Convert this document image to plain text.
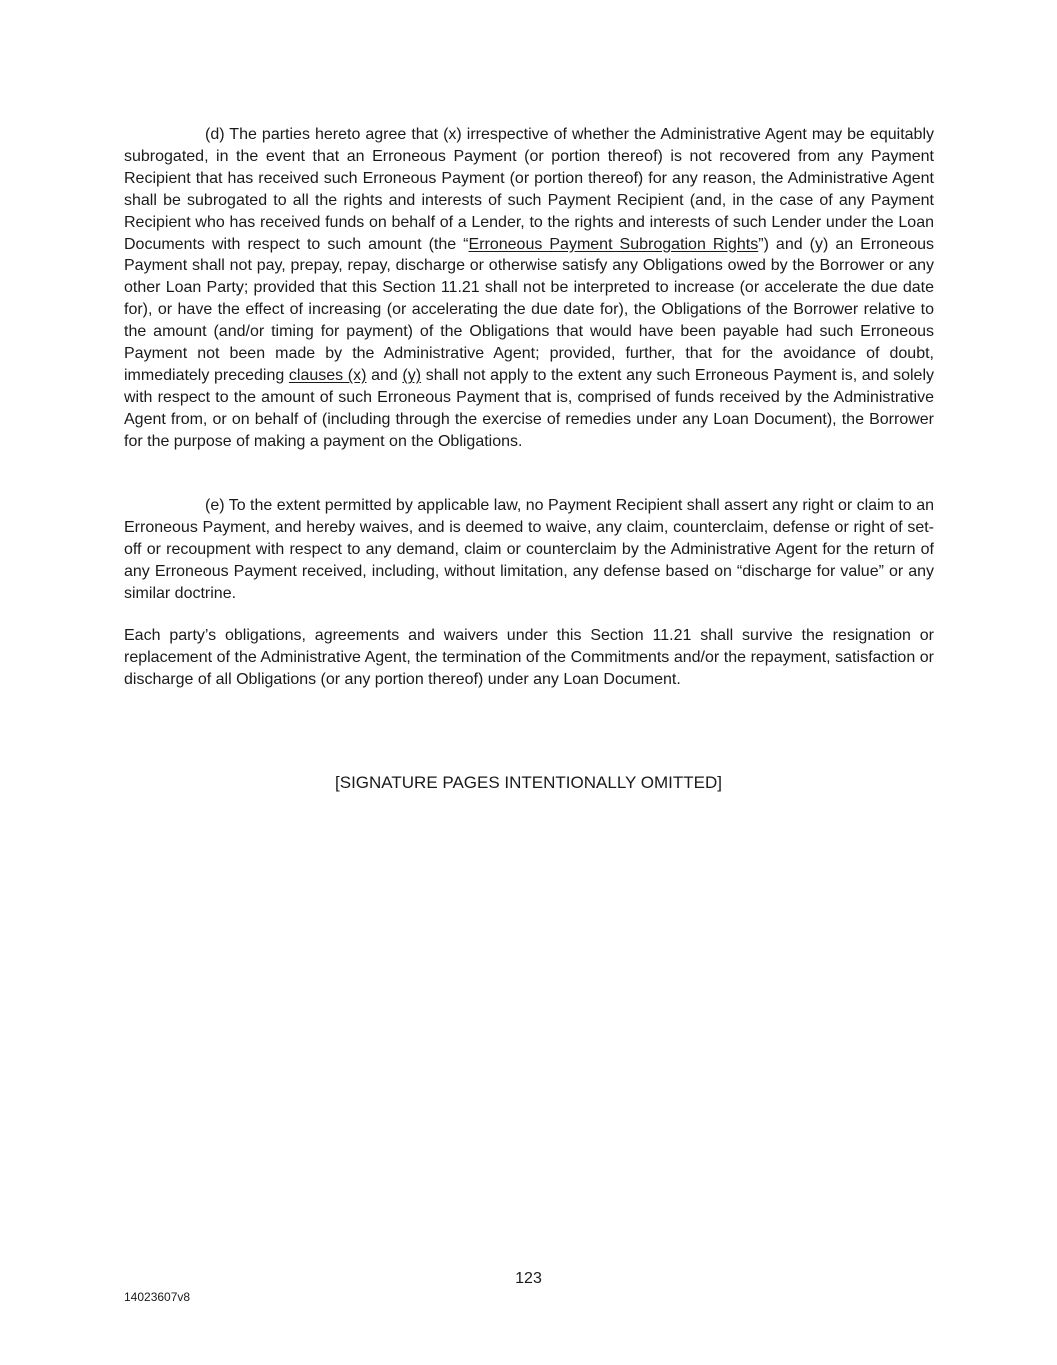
(d) The parties hereto agree that (x) irrespective of whether the Administrative Agent may be equitably subrogated, in the event that an Erroneous Payment (or portion thereof) is not recovered from any Payment Recipient that has received such Erroneous Payment (or portion thereof) for any reason, the Administrative Agent shall be subrogated to all the rights and interests of such Payment Recipient (and, in the case of any Payment Recipient who has received funds on behalf of a Lender, to the rights and interests of such Lender under the Loan Documents with respect to such amount (the “Erroneous Payment Subrogation Rights”) and (y) an Erroneous Payment shall not pay, prepay, repay, discharge or otherwise satisfy any Obligations owed by the Borrower or any other Loan Party; provided that this Section 11.21 shall not be interpreted to increase (or accelerate the due date for), or have the effect of increasing (or accelerating the due date for), the Obligations of the Borrower relative to the amount (and/or timing for payment) of the Obligations that would have been payable had such Erroneous Payment not been made by the Administrative Agent; provided, further, that for the avoidance of doubt, immediately preceding clauses (x) and (y) shall not apply to the extent any such Erroneous Payment is, and solely with respect to the amount of such Erroneous Payment that is, comprised of funds received by the Administrative Agent from, or on behalf of (including through the exercise of remedies under any Loan Document), the Borrower for the purpose of making a payment on the Obligations.

(e) To the extent permitted by applicable law, no Payment Recipient shall assert any right or claim to an Erroneous Payment, and hereby waives, and is deemed to waive, any claim, counterclaim, defense or right of set-off or recoupment with respect to any demand, claim or counterclaim by the Administrative Agent for the return of any Erroneous Payment received, including, without limitation, any defense based on “discharge for value” or any similar doctrine.

Each party’s obligations, agreements and waivers under this Section 11.21 shall survive the resignation or replacement of the Administrative Agent, the termination of the Commitments and/or the repayment, satisfaction or discharge of all Obligations (or any portion thereof) under any Loan Document.

[SIGNATURE PAGES INTENTIONALLY OMITTED]

123
14023607v8
